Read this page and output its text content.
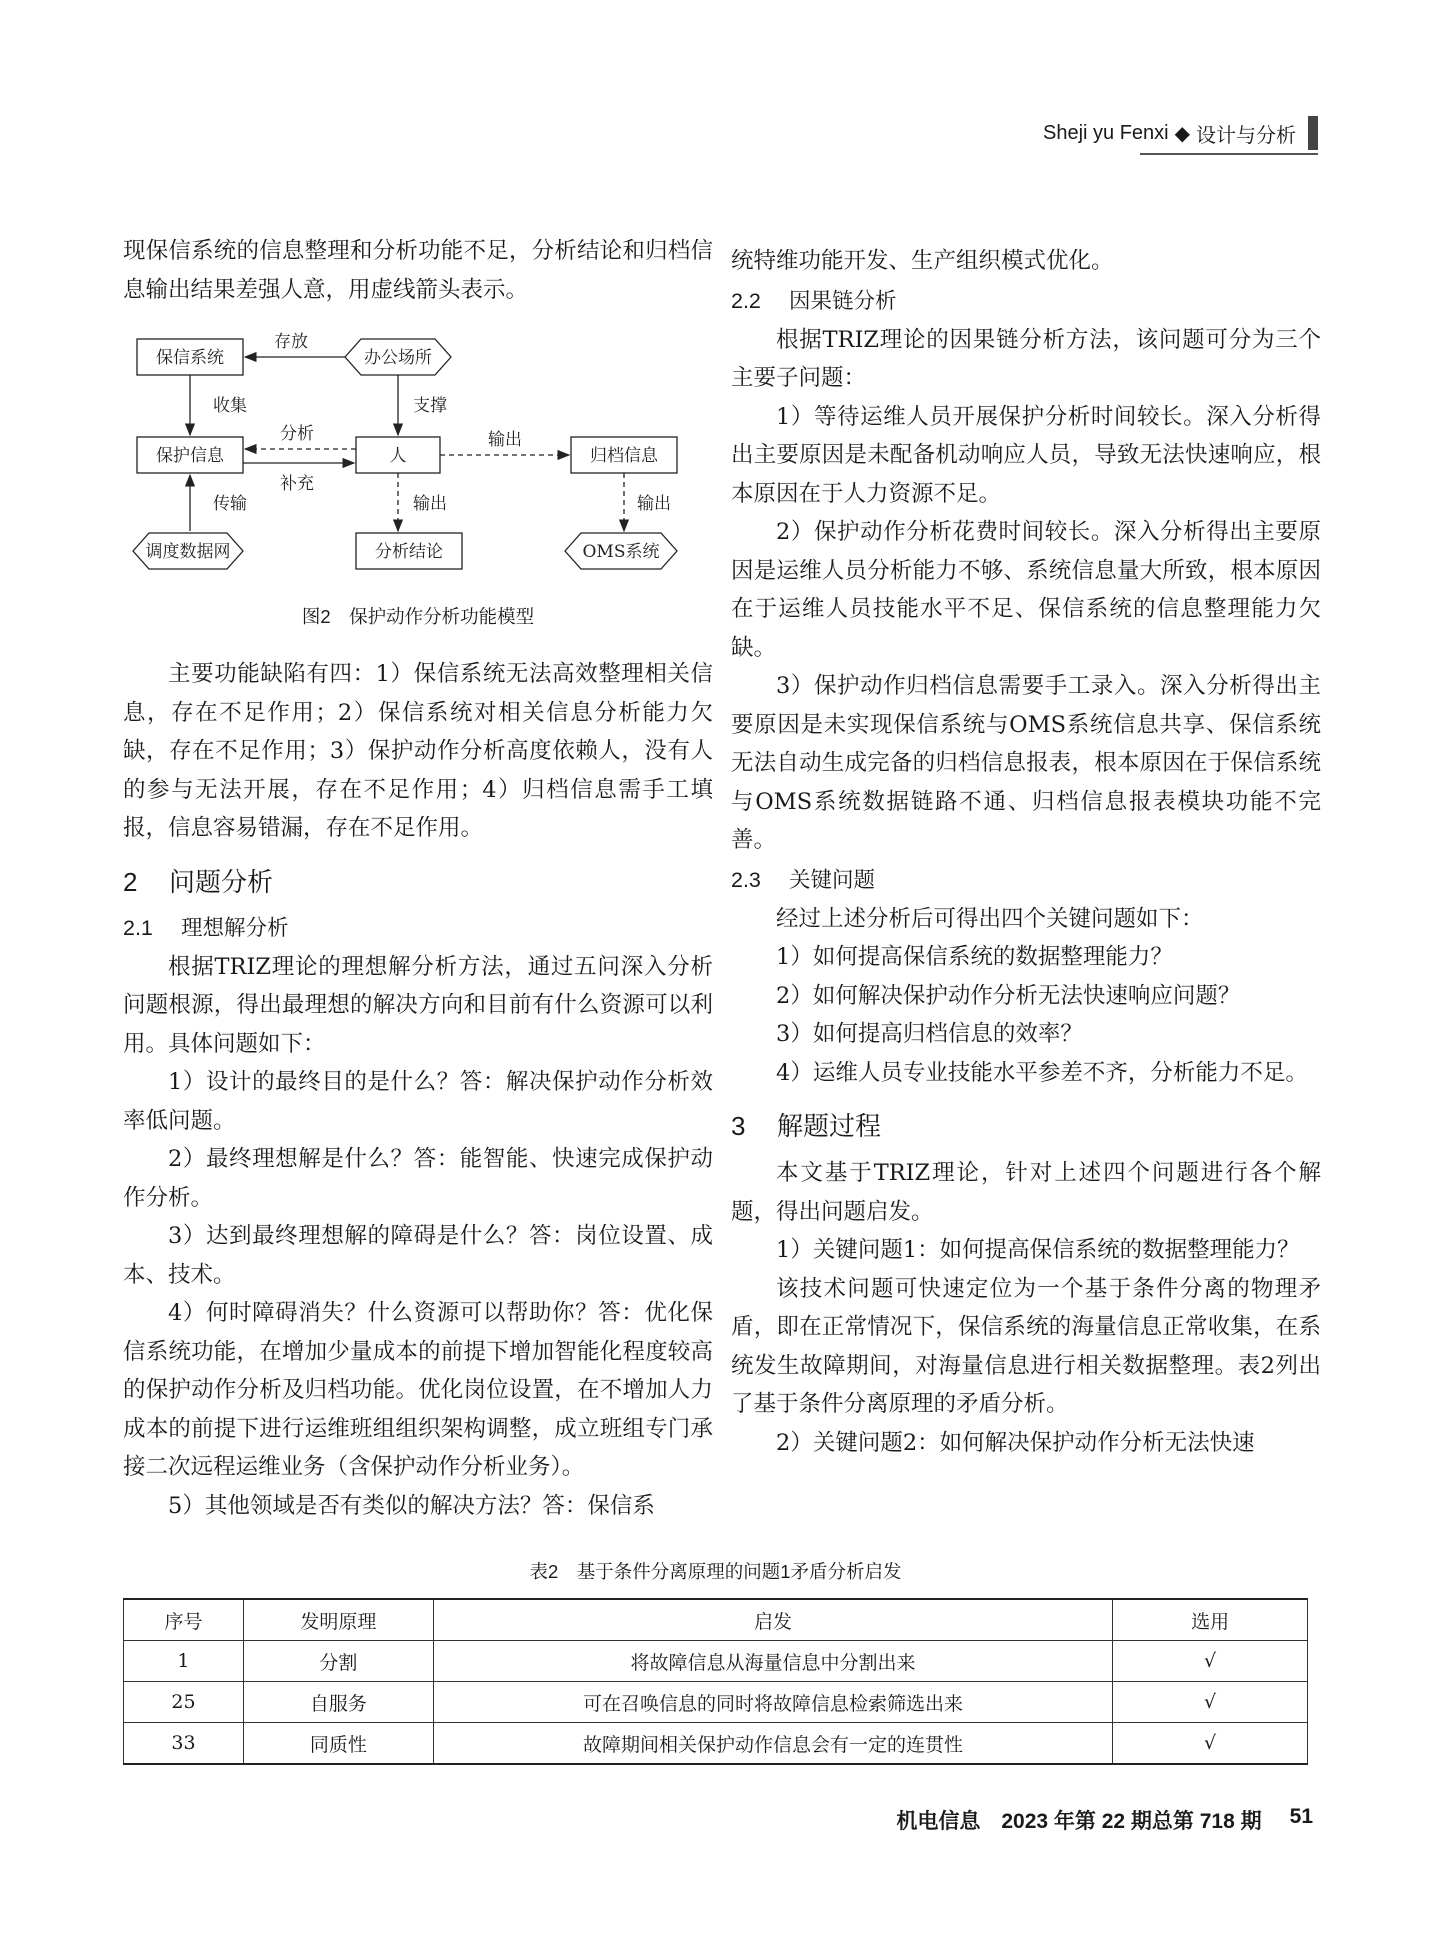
Sheji yu Fenxi ◆ 设计与分析

现保信系统的信息整理和分析功能不足，分析结论和归档信息输出结果差强人意，用虚线箭头表示。

保信系统	办公场所
保护信息	人	归档信息
调度数据网	分析结论	OMS系统
存放
收集	支撑
分析
补充
输出
传输	输出	输出
图2　保护动作分析功能模型

主要功能缺陷有四：1）保信系统无法高效整理相关信息，存在不足作用；2）保信系统对相关信息分析能力欠缺，存在不足作用；3）保护动作分析高度依赖人，没有人的参与无法开展，存在不足作用；4）归档信息需手工填报，信息容易错漏，存在不足作用。

2 问题分析
2.1 理想解分析

根据TRIZ理论的理想解分析方法，通过五问深入分析问题根源，得出最理想的解决方向和目前有什么资源可以利用。具体问题如下：

1）设计的最终目的是什么？答：解决保护动作分析效率低问题。

2）最终理想解是什么？答：能智能、快速完成保护动作分析。

3）达到最终理想解的障碍是什么？答：岗位设置、成本、技术。

4）何时障碍消失？什么资源可以帮助你？答：优化保信系统功能，在增加少量成本的前提下增加智能化程度较高的保护动作分析及归档功能。优化岗位设置，在不增加人力成本的前提下进行运维班组组织架构调整，成立班组专门承接二次远程运维业务（含保护动作分析业务）。

5）其他领域是否有类似的解决方法？答：保信系

统特维功能开发、生产组织模式优化。

2.2 因果链分析

根据TRIZ理论的因果链分析方法，该问题可分为三个主要子问题：

1）等待运维人员开展保护分析时间较长。深入分析得出主要原因是未配备机动响应人员，导致无法快速响应，根本原因在于人力资源不足。

2）保护动作分析花费时间较长。深入分析得出主要原因是运维人员分析能力不够、系统信息量大所致，根本原因在于运维人员技能水平不足、保信系统的信息整理能力欠缺。

3）保护动作归档信息需要手工录入。深入分析得出主要原因是未实现保信系统与OMS系统信息共享、保信系统无法自动生成完备的归档信息报表，根本原因在于保信系统与OMS系统数据链路不通、归档信息报表模块功能不完善。

2.3 关键问题

经过上述分析后可得出四个关键问题如下：

1）如何提高保信系统的数据整理能力？

2）如何解决保护动作分析无法快速响应问题？

3）如何提高归档信息的效率？

4）运维人员专业技能水平参差不齐，分析能力不足。

3 解题过程

本文基于TRIZ理论，针对上述四个问题进行各个解题，得出问题启发。

1）关键问题1：如何提高保信系统的数据整理能力？

该技术问题可快速定位为一个基于条件分离的物理矛盾，即在正常情况下，保信系统的海量信息正常收集，在系统发生故障期间，对海量信息进行相关数据整理。表2列出了基于条件分离原理的矛盾分析。

2）关键问题2：如何解决保护动作分析无法快速

表2　基于条件分离原理的问题1矛盾分析启发
序号	发明原理	启发	选用
1	分割	将故障信息从海量信息中分割出来	√
25	自服务	可在召唤信息的同时将故障信息检索筛选出来	√
33	同质性	故障期间相关保护动作信息会有一定的连贯性	√
机电信息　2023 年第 22 期总第 718 期 51
